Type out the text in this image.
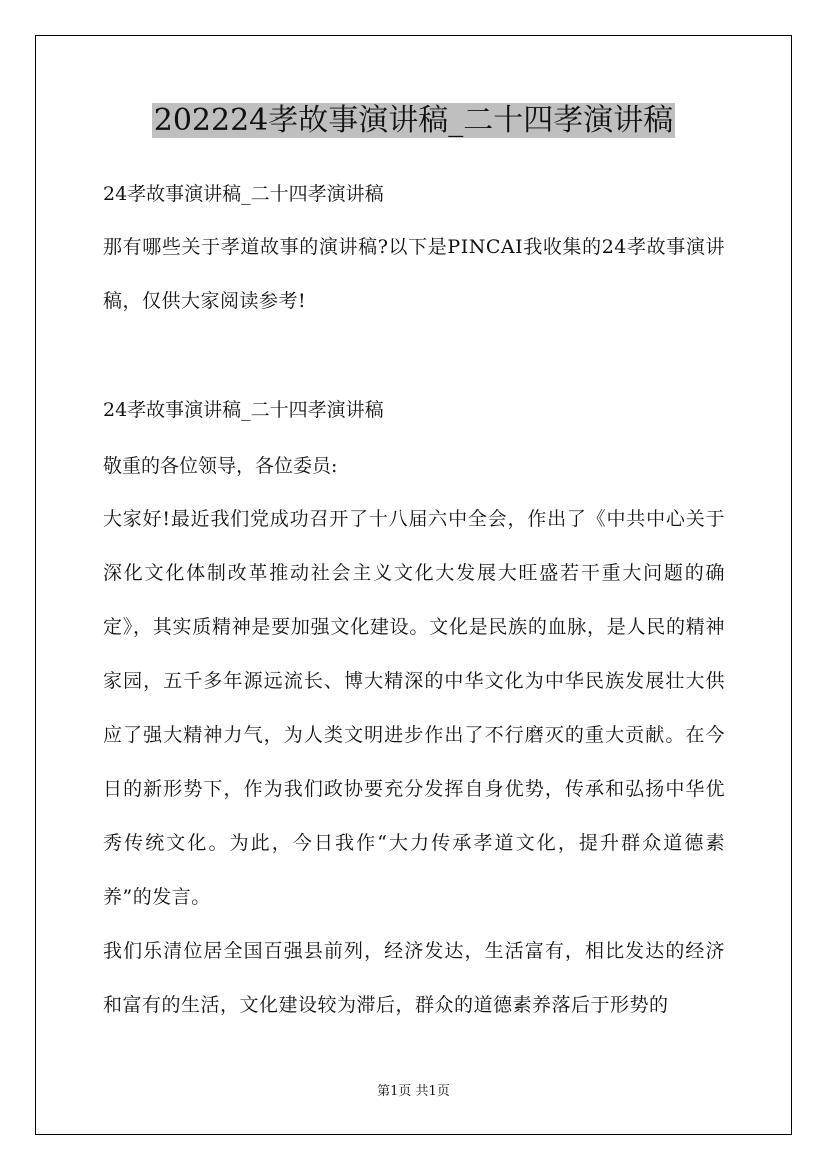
202224孝故事演讲稿_二十四孝演讲稿
24孝故事演讲稿_二十四孝演讲稿
那有哪些关于孝道故事的演讲稿?以下是PINCAI我收集的24孝故事演讲稿，仅供大家阅读参考!
24孝故事演讲稿_二十四孝演讲稿
敬重的各位领导，各位委员:
大家好!最近我们党成功召开了十八届六中全会，作出了《中共中心关于深化文化体制改革推动社会主义文化大发展大旺盛若干重大问题的确定》，其实质精神是要加强文化建设。文化是民族的血脉，是人民的精神家园，五千多年源远流长、博大精深的中华文化为中华民族发展壮大供应了强大精神力气，为人类文明进步作出了不行磨灭的重大贡献。在今日的新形势下，作为我们政协要充分发挥自身优势，传承和弘扬中华优秀传统文化。为此，今日我作“大力传承孝道文化，提升群众道德素养”的发言。
我们乐清位居全国百强县前列，经济发达，生活富有，相比发达的经济和富有的生活，文化建设较为滞后，群众的道德素养落后于形势的
第1页 共1页
